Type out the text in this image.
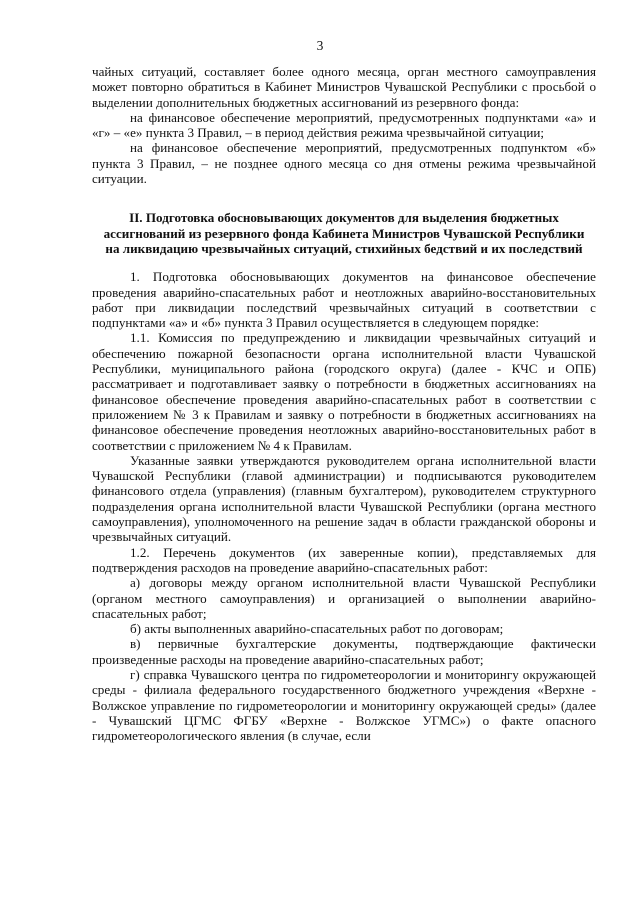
3

чайных ситуаций, составляет более одного месяца, орган местного самоуправления может повторно обратиться в Кабинет Министров Чувашской Республики с просьбой о выделении дополнительных бюджетных ассигнований из резервного фонда:

на финансовое обеспечение мероприятий, предусмотренных подпунктами «а» и «г» – «е» пункта 3 Правил, – в период действия режима чрезвычайной ситуации;

на финансовое обеспечение мероприятий, предусмотренных подпунктом «б» пункта 3 Правил, – не позднее одного месяца со дня отмены режима чрезвычайной ситуации.

II. Подготовка обосновывающих документов для выделения бюджетных ассигнований из резервного фонда Кабинета Министров Чувашской Республики на ликвидацию чрезвычайных ситуаций, стихийных бедствий и их последствий

1. Подготовка обосновывающих документов на финансовое обеспечение проведения аварийно-спасательных работ и неотложных аварийно-восстановительных работ при ликвидации последствий чрезвычайных ситуаций в соответствии с подпунктами «а» и «б» пункта 3 Правил осуществляется в следующем порядке:

1.1. Комиссия по предупреждению и ликвидации чрезвычайных ситуаций и обеспечению пожарной безопасности органа исполнительной власти Чувашской Республики, муниципального района (городского округа) (далее - КЧС и ОПБ) рассматривает и подготавливает заявку о потребности в бюджетных ассигнованиях на финансовое обеспечение проведения аварийно-спасательных работ в соответствии с приложением № 3 к Правилам и заявку о потребности в бюджетных ассигнованиях на финансовое обеспечение проведения неотложных аварийно-восстановительных работ в соответствии с приложением № 4 к Правилам.

Указанные заявки утверждаются руководителем органа исполнительной власти Чувашской Республики (главой администрации) и подписываются руководителем финансового отдела (управления) (главным бухгалтером), руководителем структурного подразделения органа исполнительной власти Чувашской Республики (органа местного самоуправления), уполномоченного на решение задач в области гражданской обороны и чрезвычайных ситуаций.

1.2. Перечень документов (их заверенные копии), представляемых для подтверждения расходов на проведение аварийно-спасательных работ:

а) договоры между органом исполнительной власти Чувашской Республики (органом местного самоуправления) и организацией о выполнении аварийно-спасательных работ;

б) акты выполненных аварийно-спасательных работ по договорам;

в) первичные бухгалтерские документы, подтверждающие фактически произведенные расходы на проведение аварийно-спасательных работ;

г) справка Чувашского центра по гидрометеорологии и мониторингу окружающей среды - филиала федерального государственного бюджетного учреждения «Верхне - Волжское управление по гидрометеорологии и мониторингу окружающей среды» (далее - Чувашский ЦГМС ФГБУ «Верхне - Волжское УГМС») о факте опасного гидрометеорологического явления (в случае, если
